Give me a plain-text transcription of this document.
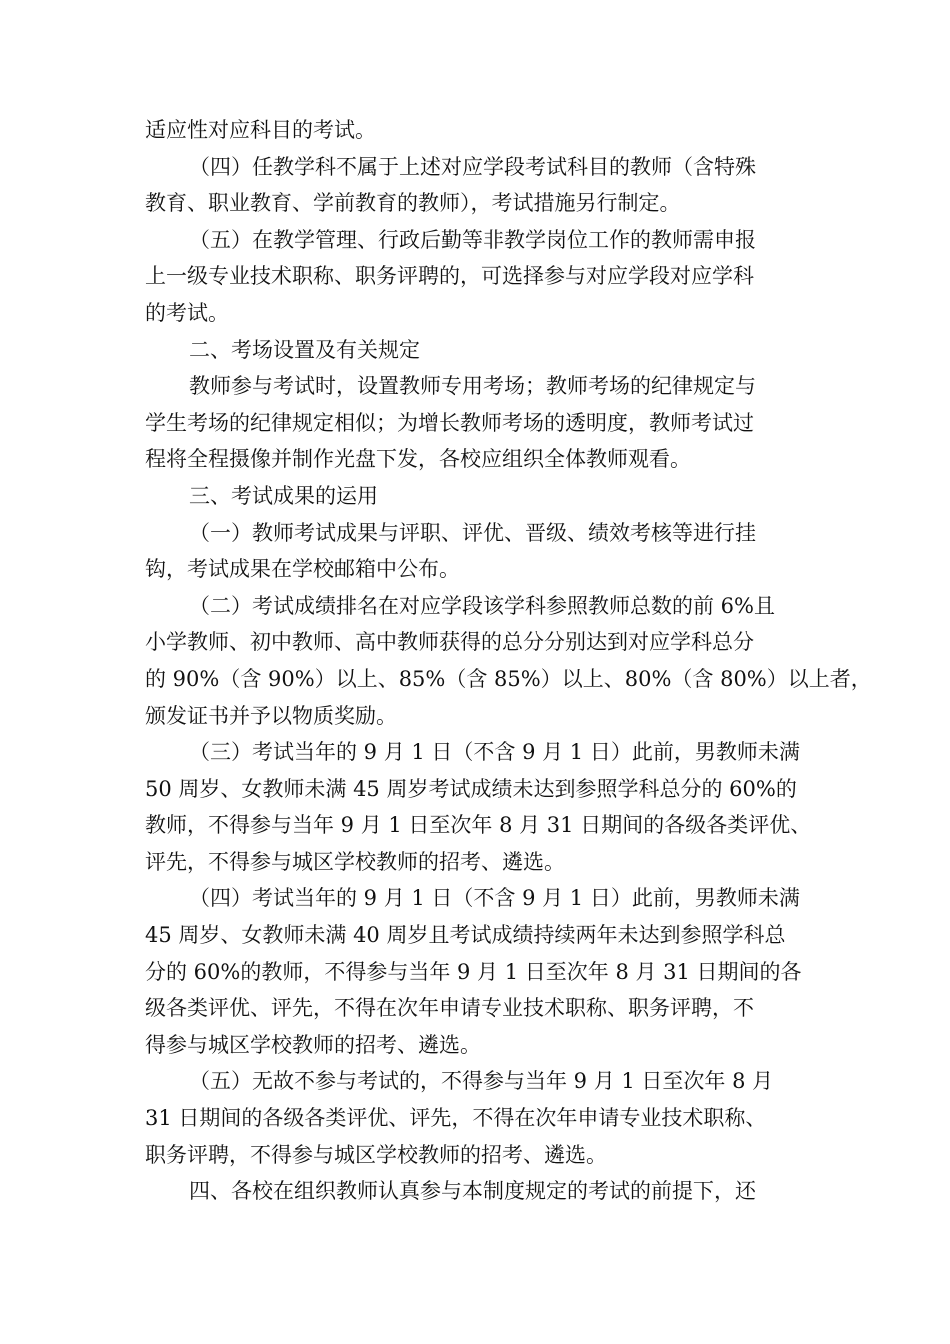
适应性对应科目的考试。
（四）任教学科不属于上述对应学段考试科目的教师（含特殊
教育、职业教育、学前教育的教师），考试措施另行制定。
（五）在教学管理、行政后勤等非教学岗位工作的教师需申报
上一级专业技术职称、职务评聘的，可选择参与对应学段对应学科
的考试。
二、考场设置及有关规定
教师参与考试时，设置教师专用考场；教师考场的纪律规定与
学生考场的纪律规定相似；为增长教师考场的透明度，教师考试过
程将全程摄像并制作光盘下发，各校应组织全体教师观看。
三、考试成果的运用
（一）教师考试成果与评职、评优、晋级、绩效考核等进行挂
钩，考试成果在学校邮箱中公布。
（二）考试成绩排名在对应学段该学科参照教师总数的前 6%且
小学教师、初中教师、高中教师获得的总分分别达到对应学科总分
的 90%（含 90%）以上、85%（含 85%）以上、80%（含 80%）以上者，
颁发证书并予以物质奖励。
（三）考试当年的 9 月 1 日（不含 9 月 1 日）此前，男教师未满
50 周岁、女教师未满 45 周岁考试成绩未达到参照学科总分的 60%的
教师，不得参与当年 9 月 1 日至次年 8 月 31 日期间的各级各类评优、
评先，不得参与城区学校教师的招考、遴选。
（四）考试当年的 9 月 1 日（不含 9 月 1 日）此前，男教师未满
45 周岁、女教师未满 40 周岁且考试成绩持续两年未达到参照学科总
分的 60%的教师，不得参与当年 9 月 1 日至次年 8 月 31 日期间的各
级各类评优、评先，不得在次年申请专业技术职称、职务评聘，不
得参与城区学校教师的招考、遴选。
（五）无故不参与考试的，不得参与当年 9 月 1 日至次年 8 月
31 日期间的各级各类评优、评先，不得在次年申请专业技术职称、
职务评聘，不得参与城区学校教师的招考、遴选。
四、各校在组织教师认真参与本制度规定的考试的前提下，还
